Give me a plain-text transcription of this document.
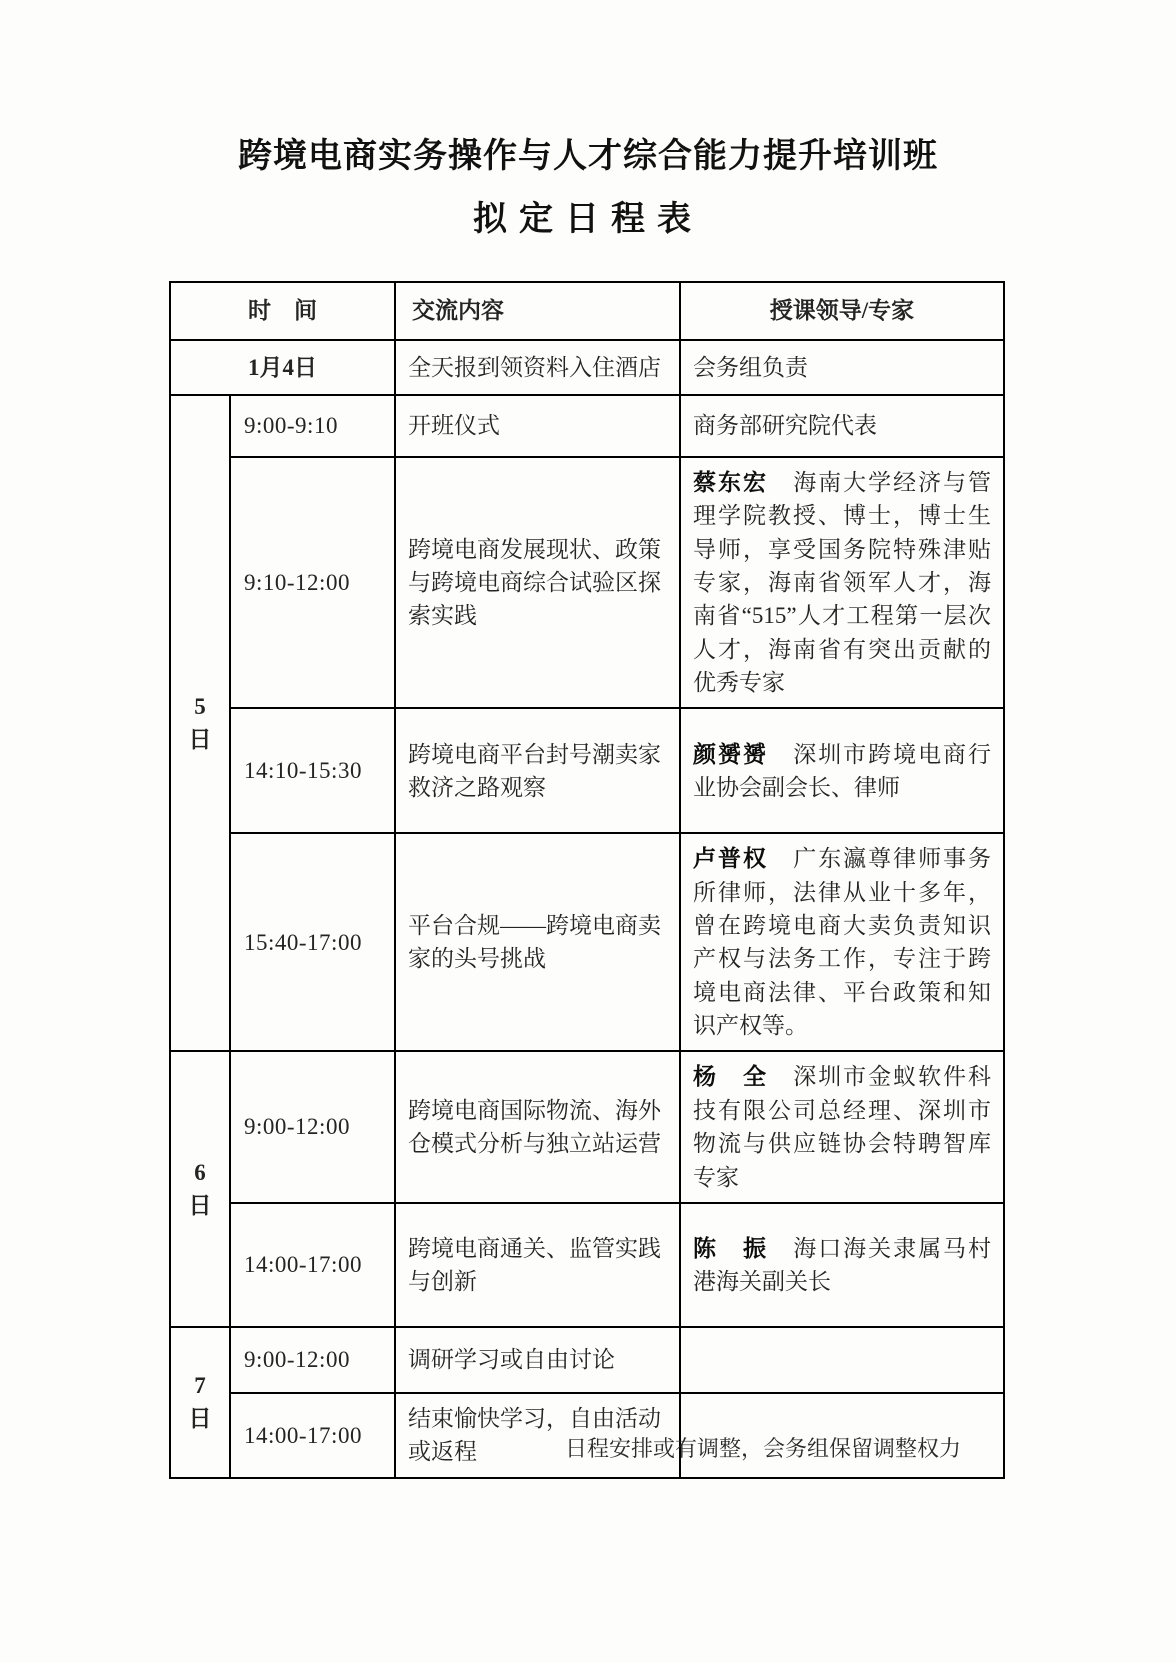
跨境电商实务操作与人才综合能力提升培训班
拟定日程表
时　间		交流内容	授课领导/专家
1月4日		全天报到领资料入住酒店	会务组负责

5
日	9:00-9:10	开班仪式	商务部研究院代表
	9:10-12:00	跨境电商发展现状、政策与跨境电商综合试验区探索实践	蔡东宏 海南大学经济与管理学院教授、博士，博士生导师，享受国务院特殊津贴专家，海南省领军人才，海南省“515”人才工程第一层次人才，海南省有突出贡献的优秀专家
	14:10-15:30	跨境电商平台封号潮卖家救济之路观察	颜赟赟 深圳市跨境电商行业协会副会长、律师
	15:40-17:00	平台合规——跨境电商卖家的头号挑战	卢普权 广东瀛尊律师事务所律师，法律从业十多年，曾在跨境电商大卖负责知识产权与法务工作，专注于跨境电商法律、平台政策和知识产权等。

6
日	9:00-12:00	跨境电商国际物流、海外仓模式分析与独立站运营	杨　全 深圳市金蚁软件科技有限公司总经理、深圳市物流与供应链协会特聘智库专家
	14:00-17:00	跨境电商通关、监管实践与创新	陈　振 海口海关隶属马村港海关副关长

7
日	9:00-12:00	调研学习或自由讨论	
	14:00-17:00	结束愉快学习，自由活动或返程		日程安排或有调整，会务组保留调整权力
